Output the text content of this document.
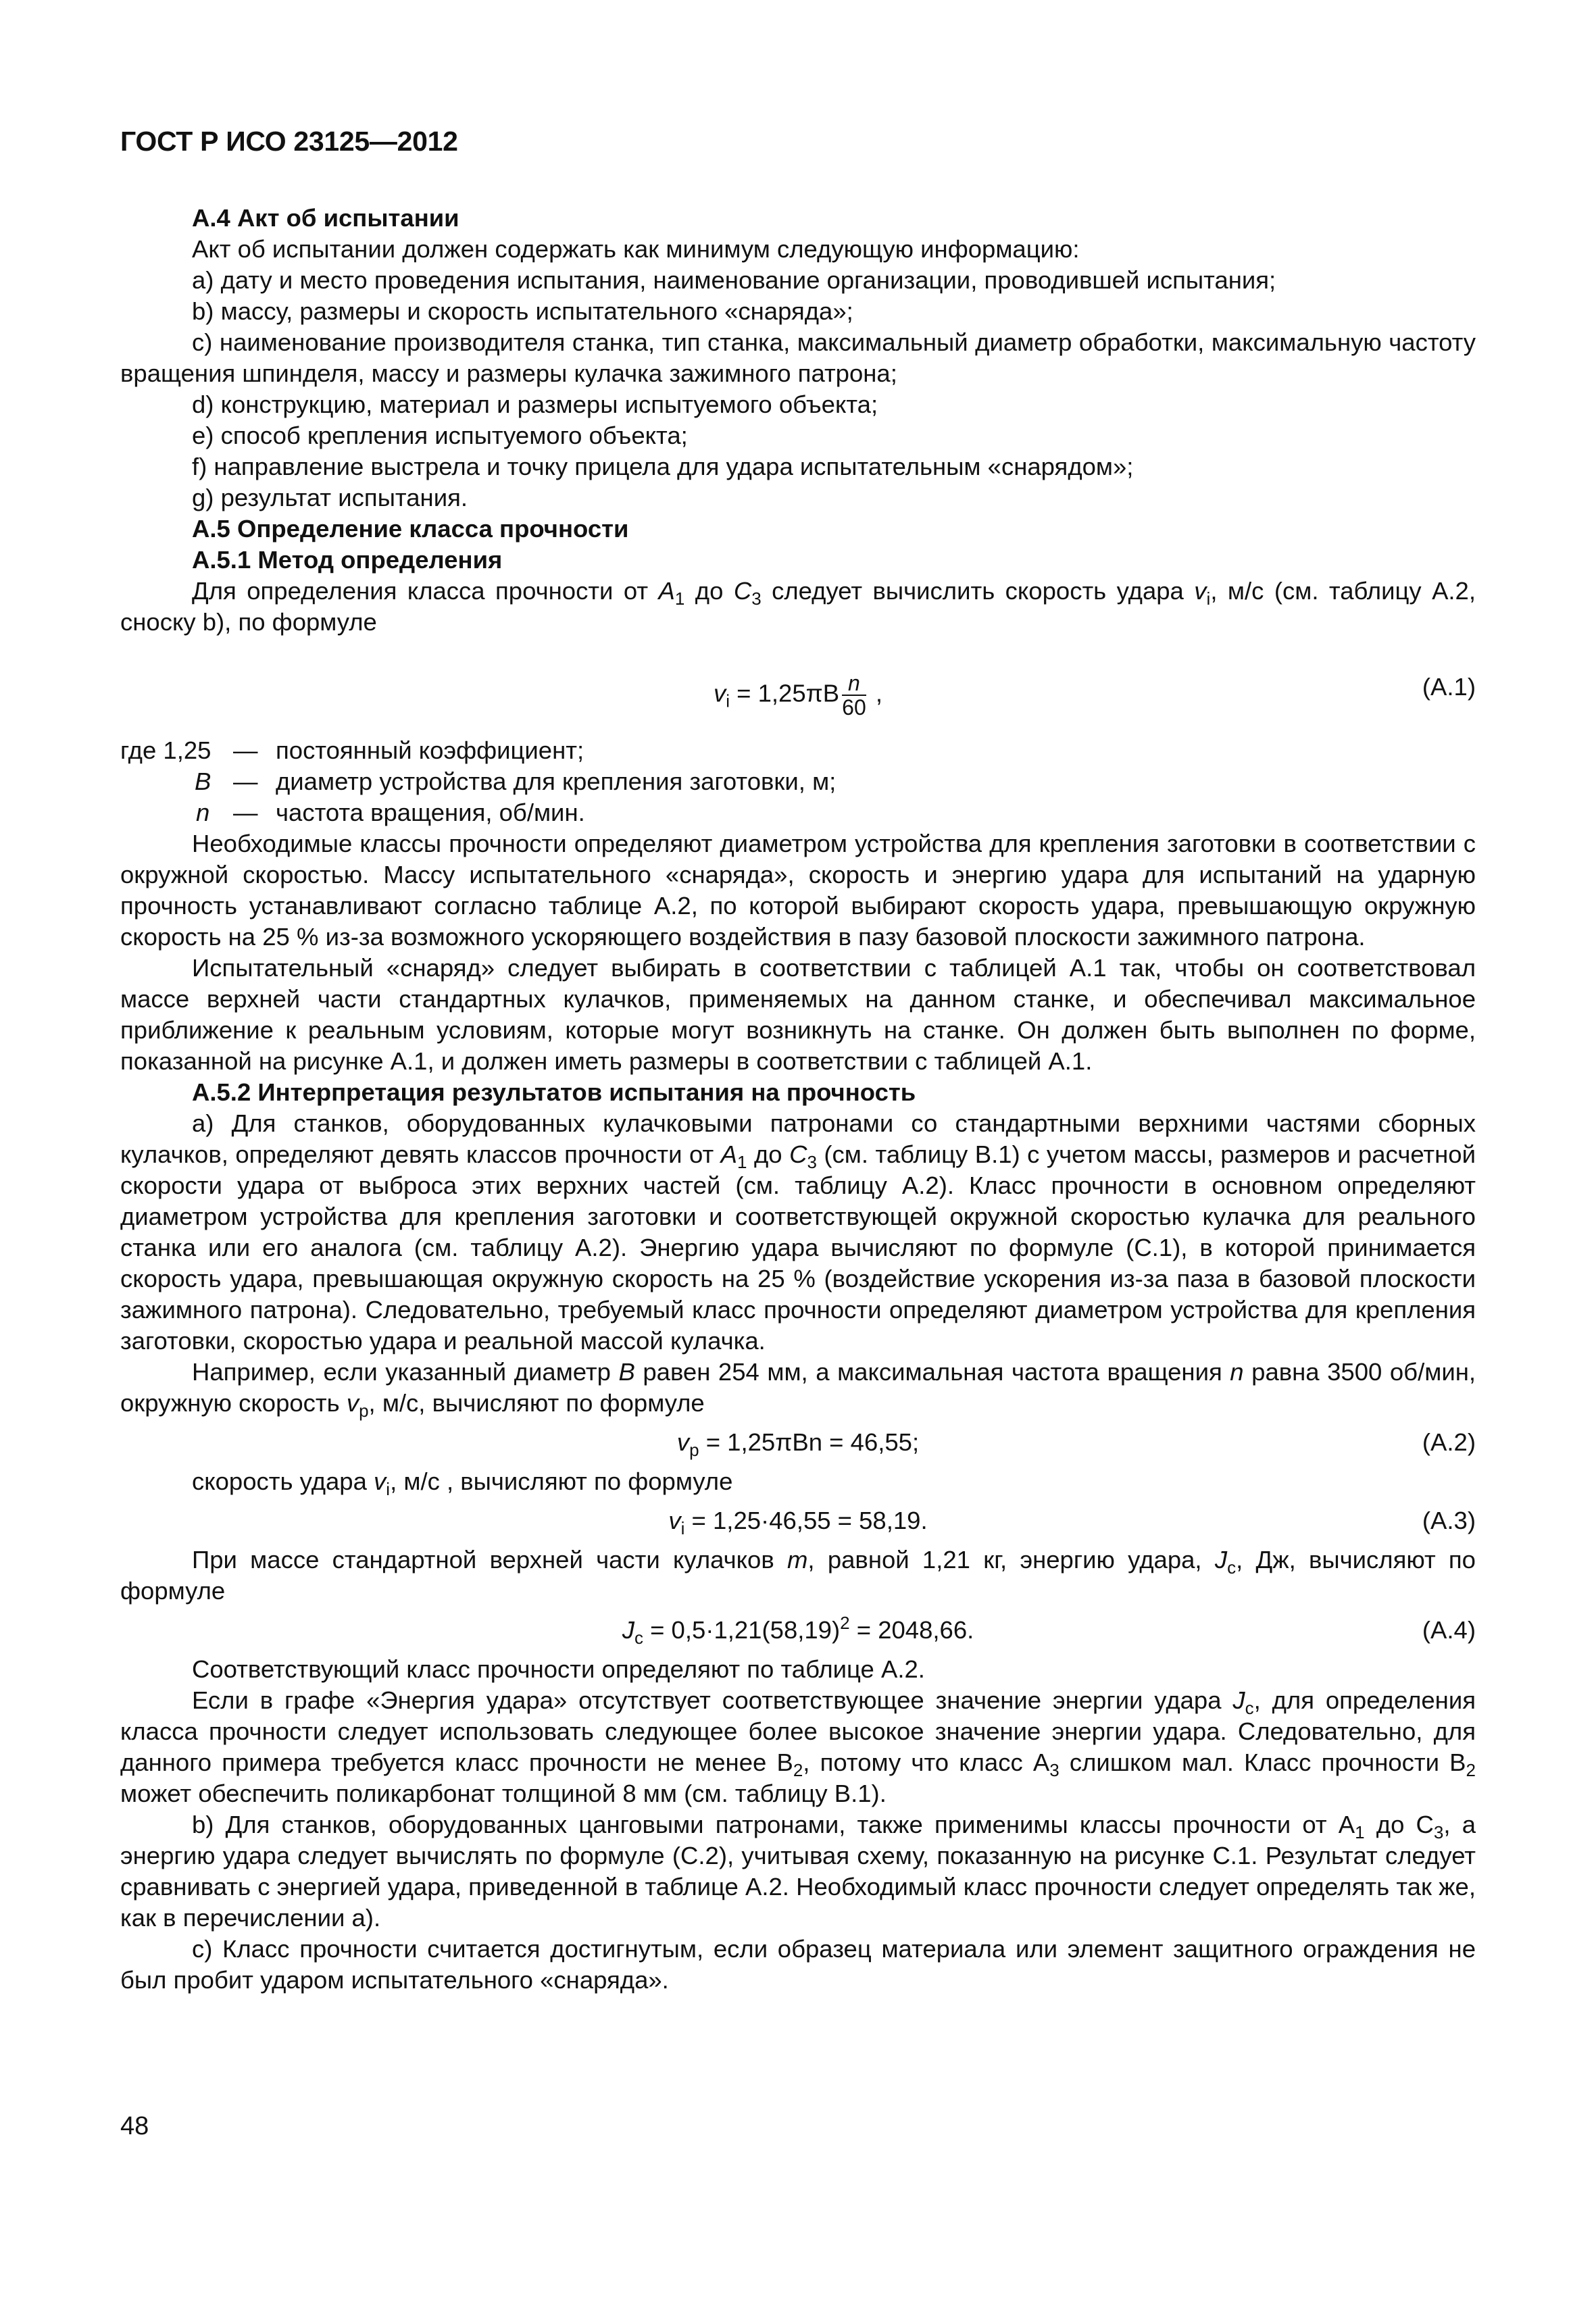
ГОСТ Р ИСО 23125—2012

А.4 Акт об испытании

Акт об испытании должен содержать как минимум следующую информацию:

a) дату и место проведения испытания, наименование организации, проводившей испытания;

b) массу, размеры и скорость испытательного «снаряда»;

c) наименование производителя станка, тип станка, максимальный диаметр обработки, максимальную частоту вращения шпинделя, массу и размеры кулачка зажимного патрона;

d) конструкцию, материал и размеры испытуемого объекта;

e) способ крепления испытуемого объекта;

f) направление выстрела и точку прицела для удара испытательным «снарядом»;

g) результат испытания.

А.5 Определение класса прочности

А.5.1 Метод определения

Для определения класса прочности от $A_1$ до $C_3$ следует вычислить скорость удара $v_i$, м/с (см. таблицу А.2, сноску b), по формуле

$v_i = 1,25\pi B \frac{n}{60}$ ,	(А.1)
где 1,25 — постоянный коэффициент;
B — диаметр устройства для крепления заготовки, м;
n — частота вращения, об/мин.

Необходимые классы прочности определяют диаметром устройства для крепления заготовки в соответствии с окружной скоростью. Массу испытательного «снаряда», скорость и энергию удара для испытаний на ударную прочность устанавливают согласно таблице А.2, по которой выбирают скорость удара, превышающую окружную скорость на 25 % из-за возможного ускоряющего воздействия в пазу базовой плоскости зажимного патрона.

Испытательный «снаряд» следует выбирать в соответствии с таблицей А.1 так, чтобы он соответствовал массе верхней части стандартных кулачков, применяемых на данном станке, и обеспечивал максимальное приближение к реальным условиям, которые могут возникнуть на станке. Он должен быть выполнен по форме, показанной на рисунке А.1, и должен иметь размеры в соответствии с таблицей А.1.

А.5.2 Интерпретация результатов испытания на прочность

а) Для станков, оборудованных кулачковыми патронами со стандартными верхними частями сборных кулачков, определяют девять классов прочности от $A_1$ до $C_3$ (см. таблицу В.1) с учетом массы, размеров и расчетной скорости удара от выброса этих верхних частей (см. таблицу А.2). Класс прочности в основном определяют диаметром устройства для крепления заготовки и соответствующей окружной скоростью кулачка для реального станка или его аналога (см. таблицу А.2). Энергию удара вычисляют по формуле (С.1), в которой принимается скорость удара, превышающая окружную скорость на 25 % (воздействие ускорения из-за паза в базовой плоскости зажимного патрона). Следовательно, требуемый класс прочности определяют диаметром устройства для крепления заготовки, скоростью удара и реальной массой кулачка.

Например, если указанный диаметр B равен 254 мм, а максимальная частота вращения n равна 3500 об/мин, окружную скорость $v_p$, м/с, вычисляют по формуле

$v_p = 1,25\pi Bn = 46,55$;	(А.2)

скорость удара $v_i$, м/с , вычисляют по формуле

$v_i = 1,25\cdot 46,55 = 58,19$.	(А.3)

При массе стандартной верхней части кулачков m, равной 1,21 кг, энергию удара, $J_c$, Дж, вычисляют по формуле

$J_c = 0,5\cdot 1,21(58,19)^2 = 2048,66$.	(А.4)

Соответствующий класс прочности определяют по таблице А.2.

Если в графе «Энергия удара» отсутствует соответствующее значение энергии удара $J_c$, для определения класса прочности следует использовать следующее более высокое значение энергии удара. Следовательно, для данного примера требуется класс прочности не менее $В_2$, потому что класс $А_3$ слишком мал. Класс прочности $В_2$ может обеспечить поликарбонат толщиной 8 мм (см. таблицу В.1).

b) Для станков, оборудованных цанговыми патронами, также применимы классы прочности от $А_1$ до $С_3$, а энергию удара следует вычислять по формуле (С.2), учитывая схему, показанную на рисунке С.1. Результат следует сравнивать с энергией удара, приведенной в таблице А.2. Необходимый класс прочности следует определять так же, как в перечислении а).

c) Класс прочности считается достигнутым, если образец материала или элемент защитного ограждения не был пробит ударом испытательного «снаряда».

48
